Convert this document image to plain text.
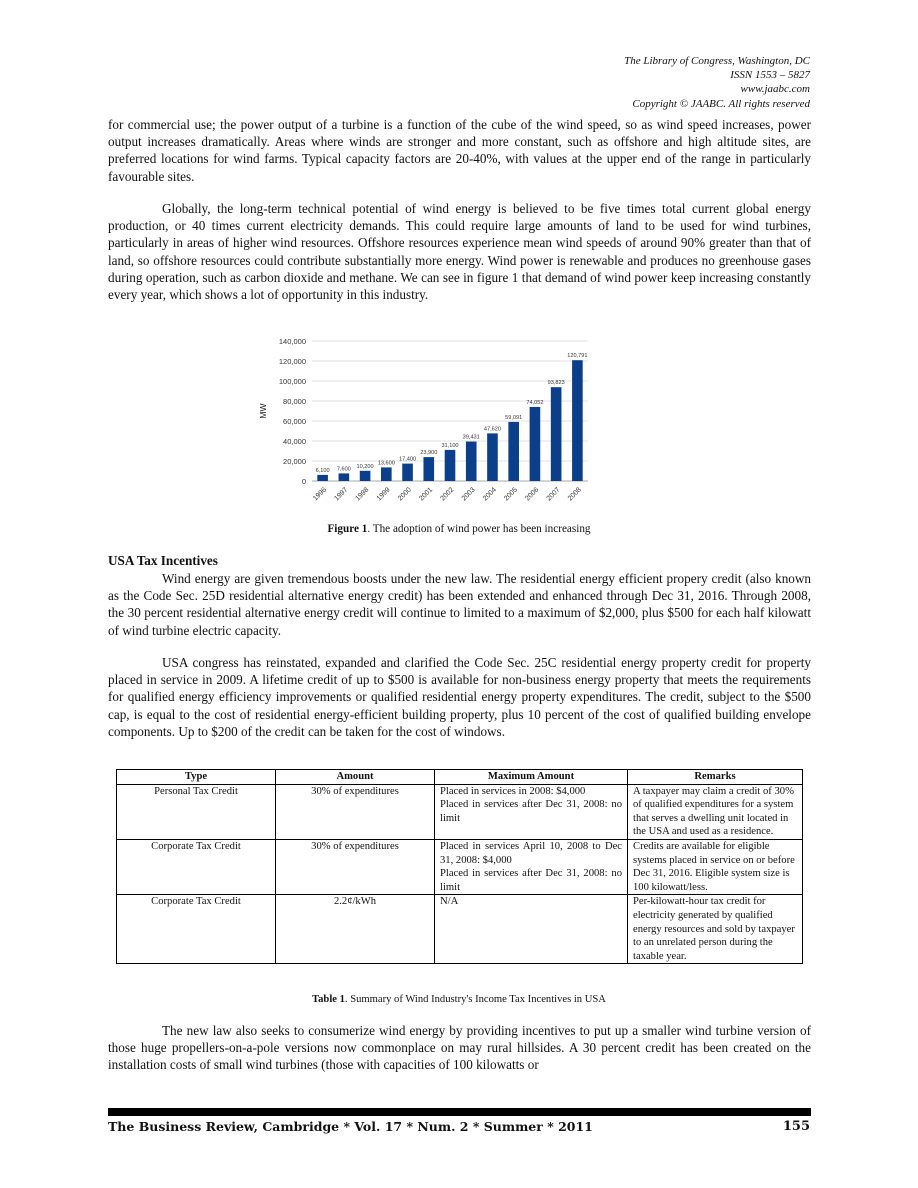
The Library of Congress, Washington, DC
ISSN 1553 – 5827
www.jaabc.com
Copyright © JAABC. All rights reserved

for commercial use; the power output of a turbine is a function of the cube of the wind speed, so as wind speed increases, power output increases dramatically. Areas where winds are stronger and more constant, such as offshore and high altitude sites, are preferred locations for wind farms. Typical capacity factors are 20-40%, with values at the upper end of the range in particularly favourable sites.

Globally, the long-term technical potential of wind energy is believed to be five times total current global energy production, or 40 times current electricity demands. This could require large amounts of land to be used for wind turbines, particularly in areas of higher wind resources. Offshore resources experience mean wind speeds of around 90% greater than that of land, so offshore resources could contribute substantially more energy. Wind power is renewable and produces no greenhouse gases during operation, such as carbon dioxide and methane. We can see in figure 1 that demand of wind power keep increasing constantly every year, which shows a lot of opportunity in this industry.

0
20,000
40,000
60,000
80,000
100,000
120,000
140,000
MW
6,100
1996
7,600
1997
10,200
1998
13,600
1999
17,400
2000
23,900
2001
31,100
2002
39,431
2003
47,620
2004
59,091
2005
74,052
2006
93,823
2007
120,791
2008
Figure 1. The adoption of wind power has been increasing
USA Tax Incentives

Wind energy are given tremendous boosts under the new law. The residential energy efficient propery credit (also known as the Code Sec. 25D residential alternative energy credit) has been extended and enhanced through Dec 31, 2016. Through 2008, the 30 percent residential alternative energy credit will continue to limited to a maximum of $2,000, plus $500 for each half kilowatt of wind turbine electric capacity.

USA congress has reinstated, expanded and clarified the Code Sec. 25C residential energy property credit for property placed in service in 2009. A lifetime credit of up to $500 is available for non-business energy property that meets the requirements for qualified energy efficiency improvements or qualified residential energy property expenditures. The credit, subject to the $500 cap, is equal to the cost of residential energy-efficient building property, plus 10 percent of the cost of qualified building envelope components. Up to $200 of the credit can be taken for the cost of windows.

Type	Amount	Maximum Amount	Remarks
Personal Tax Credit	30% of expenditures	Placed in services in 2008: $4,000
Placed in services after Dec 31, 2008: no limit	A taxpayer may claim a credit of 30% of qualified expenditures for a system that serves a dwelling unit located in the USA and used as a residence.
Corporate Tax Credit	30% of expenditures	Placed in services April 10, 2008 to Dec 31, 2008: $4,000
Placed in services after Dec 31, 2008: no limit	Credits are available for eligible systems placed in service on or before Dec 31, 2016. Eligible system size is 100 kilowatt/less.
Corporate Tax Credit	2.2¢/kWh	N/A	Per-kilowatt-hour tax credit for electricity generated by qualified energy resources and sold by taxpayer to an unrelated person during the taxable year.
Table 1. Summary of Wind Industry's Income Tax Incentives in USA

The new law also seeks to consumerize wind energy by providing incentives to put up a smaller wind turbine version of those huge propellers-on-a-pole versions now commonplace on may rural hillsides. A 30 percent credit has been created on the installation costs of small wind turbines (those with capacities of 100 kilowatts or

The Business Review, Cambridge * Vol. 17 * Num. 2 * Summer * 2011	155
